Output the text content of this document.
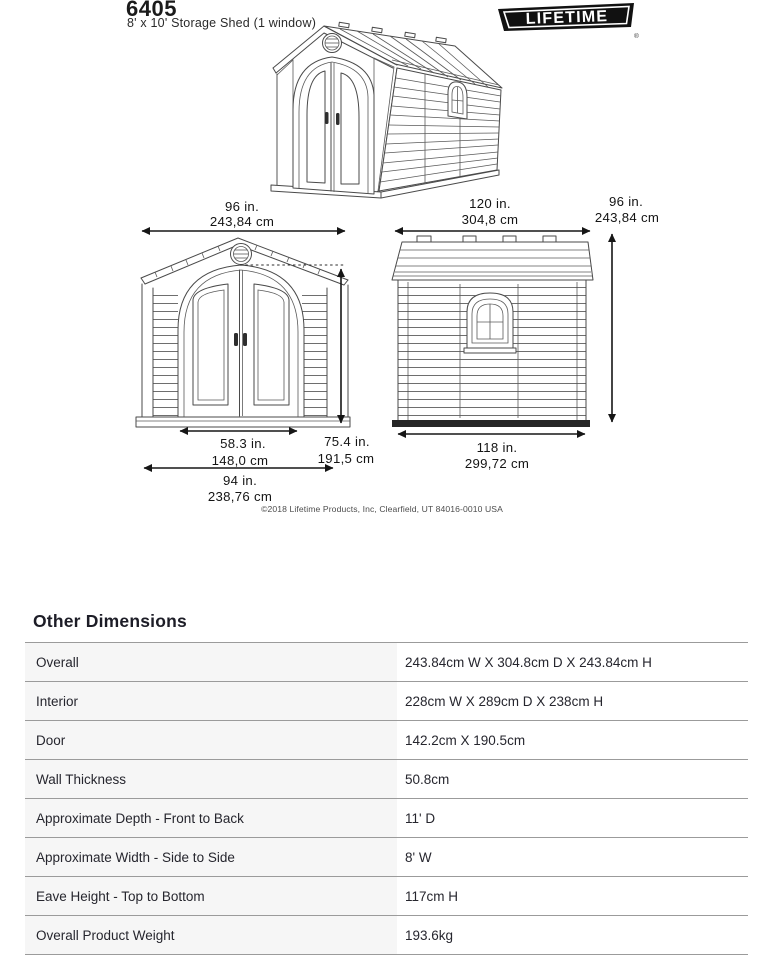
6405
8' x 10' Storage Shed (1 window)	LIFETIME
®
96 in.
243,84 cm
120 in.
304,8 cm
96 in.
243,84 cm
58.3 in.
148,0 cm
75.4 in.
191,5 cm
94 in.
238,76 cm
118 in.
299,72 cm
©2018 Lifetime Products, Inc, Clearfield, UT 84016-0010 USA
Other Dimensions
Overall	243.84cm W X 304.8cm D X 243.84cm H
Interior	228cm W X 289cm D X 238cm H
Door	142.2cm X 190.5cm
Wall Thickness	50.8cm
Approximate Depth - Front to Back	11' D
Approximate Width - Side to Side	8' W
Eave Height - Top to Bottom	117cm H
Overall Product Weight	193.6kg
